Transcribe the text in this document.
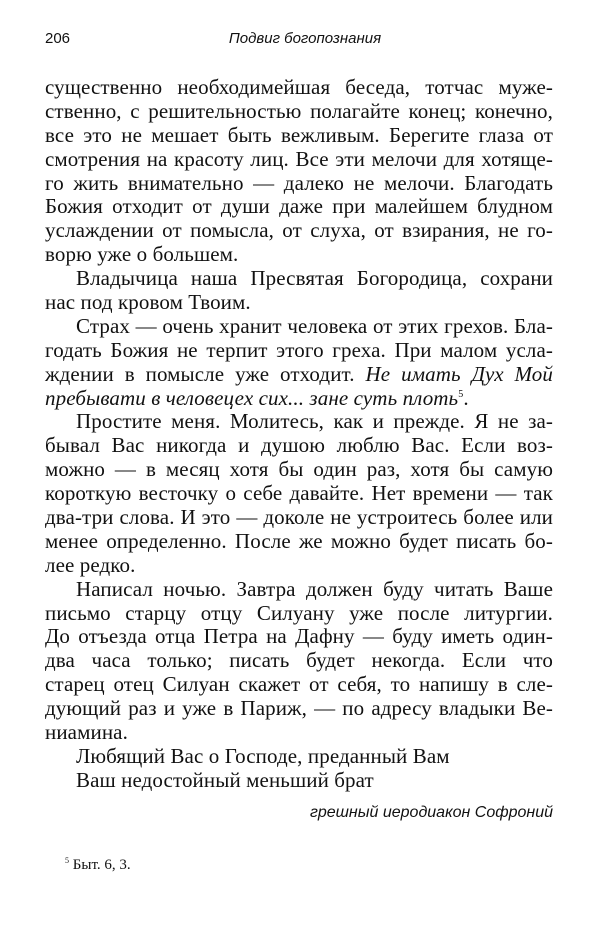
206	Подвиг богопознания
существенно необходимейшая беседа, тотчас муже-
ственно, с решительностью полагайте конец; конечно,
все это не мешает быть вежливым. Берегите глаза от
смотрения на красоту лиц. Все эти мелочи для хотяще-
го жить внимательно — далеко не мелочи. Благодать
Божия отходит от души даже при малейшем блудном
услаждении от помысла, от слуха, от взирания, не го-
ворю уже о большем.
Владычица наша Пресвятая Богородица, сохрани
нас под кровом Твоим.
Страх — очень хранит человека от этих грехов. Бла-
годать Божия не терпит этого греха. При малом усла-
ждении в помысле уже отходит. Не имать Дух Мой
пребывати в человецех сих... зане суть плоть$^5$.
Простите меня. Молитесь, как и прежде. Я не за-
бывал Вас никогда и душою люблю Вас. Если воз-
можно — в месяц хотя бы один раз, хотя бы самую
короткую весточку о себе давайте. Нет времени — так
два-три слова. И это — доколе не устроитесь более или
менее определенно. После же можно будет писать бо-
лее редко.
Написал ночью. Завтра должен буду читать Ваше
письмо старцу отцу Силуану уже после литургии.
До отъезда отца Петра на Дафну — буду иметь один-
два часа только; писать будет некогда. Если что
старец отец Силуан скажет от себя, то напишу в сле-
дующий раз и уже в Париж, — по адресу владыки Ве-
ниамина.
Любящий Вас о Господе, преданный Вам
Ваш недостойный меньший брат
грешный иеродиакон Софроний
$^5$ Быт. 6, 3.
